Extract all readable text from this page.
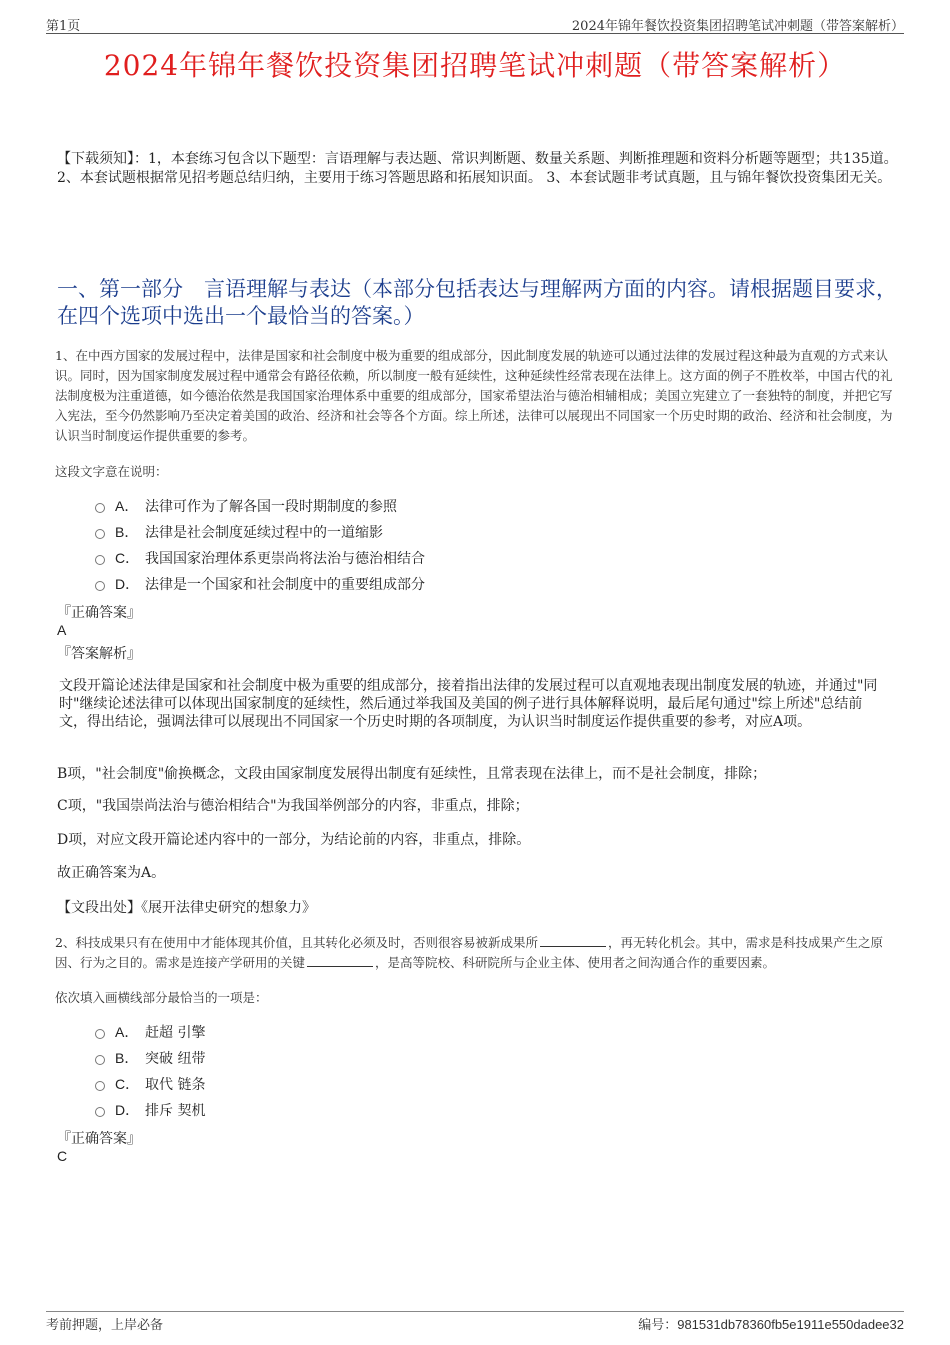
第1页	2024年锦年餐饮投资集团招聘笔试冲刺题（带答案解析）
2024年锦年餐饮投资集团招聘笔试冲刺题（带答案解析）
【下载须知】：1，本套练习包含以下题型：言语理解与表达题、常识判断题、数量关系题、判断推理题和资料分析题等题型；共135道。 2、本套试题根据常见招考题总结归纳，主要用于练习答题思路和拓展知识面。 3、本套试题非考试真题，且与锦年餐饮投资集团无关。
一、第一部分　言语理解与表达（本部分包括表达与理解两方面的内容。请根据题目要求，在四个选项中选出一个最恰当的答案。）
1、在中西方国家的发展过程中，法律是国家和社会制度中极为重要的组成部分，因此制度发展的轨迹可以通过法律的发展过程这种最为直观的方式来认识。同时，因为国家制度发展过程中通常会有路径依赖，所以制度一般有延续性，这种延续性经常表现在法律上。这方面的例子不胜枚举，中国古代的礼法制度极为注重道德，如今德治依然是我国国家治理体系中重要的组成部分，国家希望法治与德治相辅相成；美国立宪建立了一套独特的制度，并把它写入宪法，至今仍然影响乃至决定着美国的政治、经济和社会等各个方面。综上所述，法律可以展现出不同国家一个历史时期的政治、经济和社会制度，为认识当时制度运作提供重要的参考。
这段文字意在说明：
A． 法律可作为了解各国一段时期制度的参照
B． 法律是社会制度延续过程中的一道缩影
C． 我国国家治理体系更崇尚将法治与德治相结合
D． 法律是一个国家和社会制度中的重要组成部分
『正确答案』
A
『答案解析』
文段开篇论述法律是国家和社会制度中极为重要的组成部分，接着指出法律的发展过程可以直观地表现出制度发展的轨迹，并通过"同时"继续论述法律可以体现出国家制度的延续性，然后通过举我国及美国的例子进行具体解释说明，最后尾句通过"综上所述"总结前文，得出结论，强调法律可以展现出不同国家一个历史时期的各项制度，为认识当时制度运作提供重要的参考，对应A项。
B项，"社会制度"偷换概念，文段由国家制度发展得出制度有延续性，且常表现在法律上，而不是社会制度，排除；
C项，"我国崇尚法治与德治相结合"为我国举例部分的内容，非重点，排除；
D项，对应文段开篇论述内容中的一部分，为结论前的内容，非重点，排除。
故正确答案为A。
【文段出处】《展开法律史研究的想象力》
2、科技成果只有在使用中才能体现其价值，且其转化必须及时，否则很容易被新成果所	，再无转化机会。其中，需求是科技成果产生之原因、行为之目的。需求是连接产学研用的关键	，是高等院校、科研院所与企业主体、使用者之间沟通合作的重要因素。
依次填入画横线部分最恰当的一项是：
A． 赶超 引擎
B． 突破 纽带
C． 取代 链条
D． 排斥 契机
『正确答案』
C
考前押题，上岸必备	编号：981531db78360fb5e1911e550dadee32
